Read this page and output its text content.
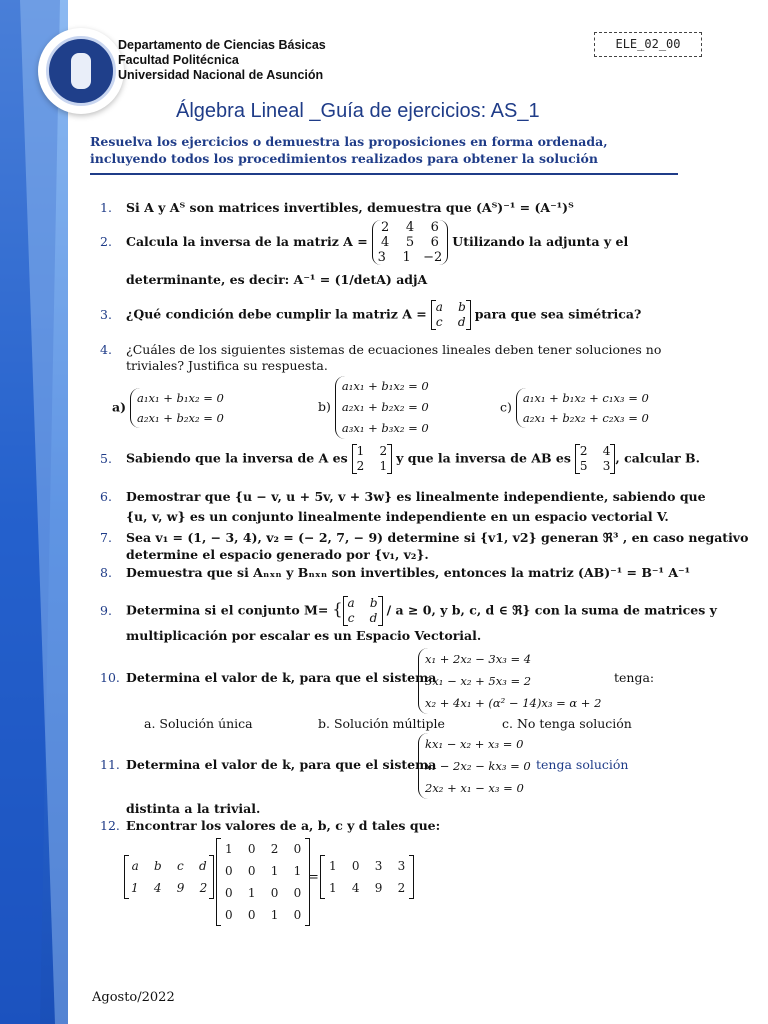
Departamento de Ciencias Básicas
Facultad Politécnica
Universidad Nacional de Asunción
ELE_02_00
Álgebra Lineal _Guía de ejercicios: AS_1
Resuelva los ejercicios o demuestra las proposiciones en forma ordenada, incluyendo todos los procedimientos realizados para obtener la solución
1. Si A y Aᵀ son matrices invertibles, demuestra que (Aᵀ)⁻¹ = (A⁻¹)ᵀ
2. Calcula la inversa de la matriz A = 2    4    6
4    5    6
3    1   −2 Utilizando la adjunta y el
determinante, es decir: A⁻¹ = (1/detA) adjA
3. ¿Qué condición debe cumplir la matriz A = a    b
c    d para que sea simétrica?
4. ¿Cuáles de los siguientes sistemas de ecuaciones lineales deben tener soluciones no
triviales? Justifica su respuesta.
a) a₁x₁ + b₁x₂ = 0
a₂x₁ + b₂x₂ = 0
b) a₁x₁ + b₁x₂ = 0
a₂x₁ + b₂x₂ = 0
a₃x₁ + b₃x₂ = 0
c) a₁x₁ + b₁x₂ + c₁x₃ = 0
a₂x₁ + b₂x₂ + c₂x₃ = 0
5. Sabiendo que la inversa de A es 1    2
2    1 y que la inversa de AB es 2    4
5    3, calcular B.
6. Demostrar que {u − v, u + 5v, v + 3w} es linealmente independiente, sabiendo que
{u, v, w} es un conjunto linealmente independiente en un espacio vectorial V.
7. Sea v₁ = (1, − 3, 4), v₂ = (− 2, 7, − 9) determine si {v1, v2} generan ℜ³ , en caso negativo
determine el espacio generado por {v₁, v₂}.
8. Demuestra que si Aₙₓₙ y Bₙₓₙ son invertibles, entonces la matriz (AB)⁻¹ = B⁻¹ A⁻¹
9. Determina si el conjunto M= { a    b
c    d / a ≥ 0, y b, c, d ∈ ℜ} con la suma de matrices y
multiplicación por escalar es un Espacio Vectorial.
10. Determina el valor de k, para que el sistema
x₁ + 2x₂ − 3x₃ = 4
3x₁ − x₂ + 5x₃ = 2
x₂ + 4x₁ + (α² − 14)x₃ = α + 2
tenga:
a. Solución única	b. Solución múltiple	c. No tenga solución
11. Determina el valor de k, para que el sistema
kx₁ − x₂ + x₃ = 0
x₁ − 2x₂ − kx₃ = 0
2x₂ + x₁ − x₃ = 0
tenga solución
distinta a la trivial.
12. Encontrar los valores de a, b, c y d tales que:
a    b    c    d
1    4    9    2
1    0    2    0
0    0    1    1
0    1    0    0
0    0    1    0
=
1    0    3    3
1    4    9    2
Agosto/2022
